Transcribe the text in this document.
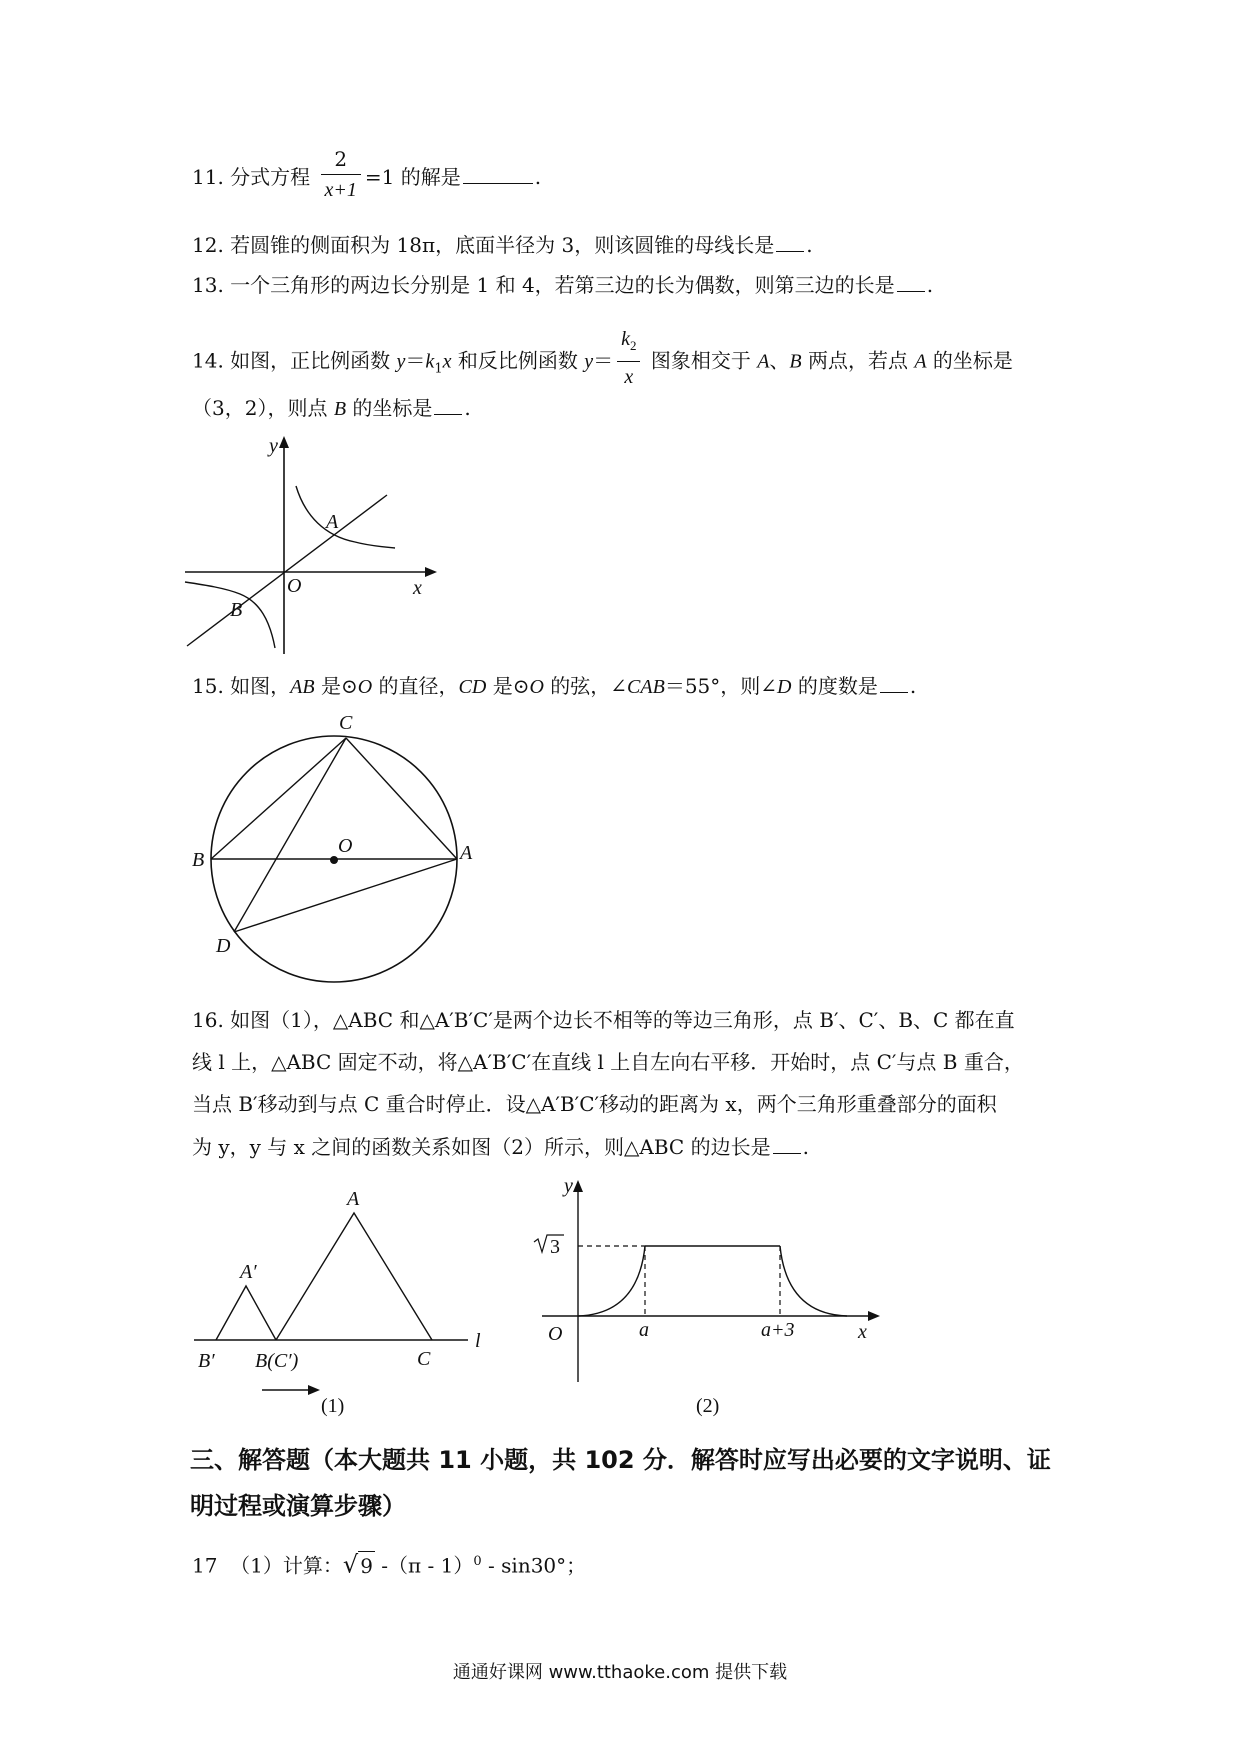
11. 分式方程 $\frac{2}{x+1} =1$ 的解是	.
12. 若圆锥的侧面积为 18π，底面半径为 3，则该圆锥的母线长是 .
13. 一个三角形的两边长分别是 1 和 4，若第三边的长为偶数，则第三边的长是 .
14. 如图，正比例函数 $y=k_1x$ 和反比例函数 $y= \frac{k_2}{x}$ 图象相交于 A、B 两点，若点 A 的坐标是
（3，2），则点 B 的坐标是 .
y
x
O
A
B
15. 如图，AB 是⊙O 的直径，CD 是⊙O 的弦，∠CAB＝55°，则∠D 的度数是 .
C
B
O	A
D
16. 如图（1），△ABC 和△A′B′C′是两个边长不相等的等边三角形，点 B′、C′、B、C 都在直
线 l 上，△ABC 固定不动，将△A′B′C′在直线 l 上自左向右平移．开始时，点 C′与点 B 重合，
当点 B′移动到与点 C 重合时停止．设△A′B′C′移动的距离为 x，两个三角形重叠部分的面积
为 y，y 与 x 之间的函数关系如图（2）所示，则△ABC 的边长是 .
A
A′
B′ B(C′)	C
l
(1)
y
3
O	a	a+3	x
(2)
三、解答题（本大题共 11 小题，共 102 分．解答时应写出必要的文字说明、证明过程或演算步骤）
17 （1）计算：√ 9 -（π - 1）$^0$ - sin30°；
通通好课网 www.tthaoke.com 提供下载
